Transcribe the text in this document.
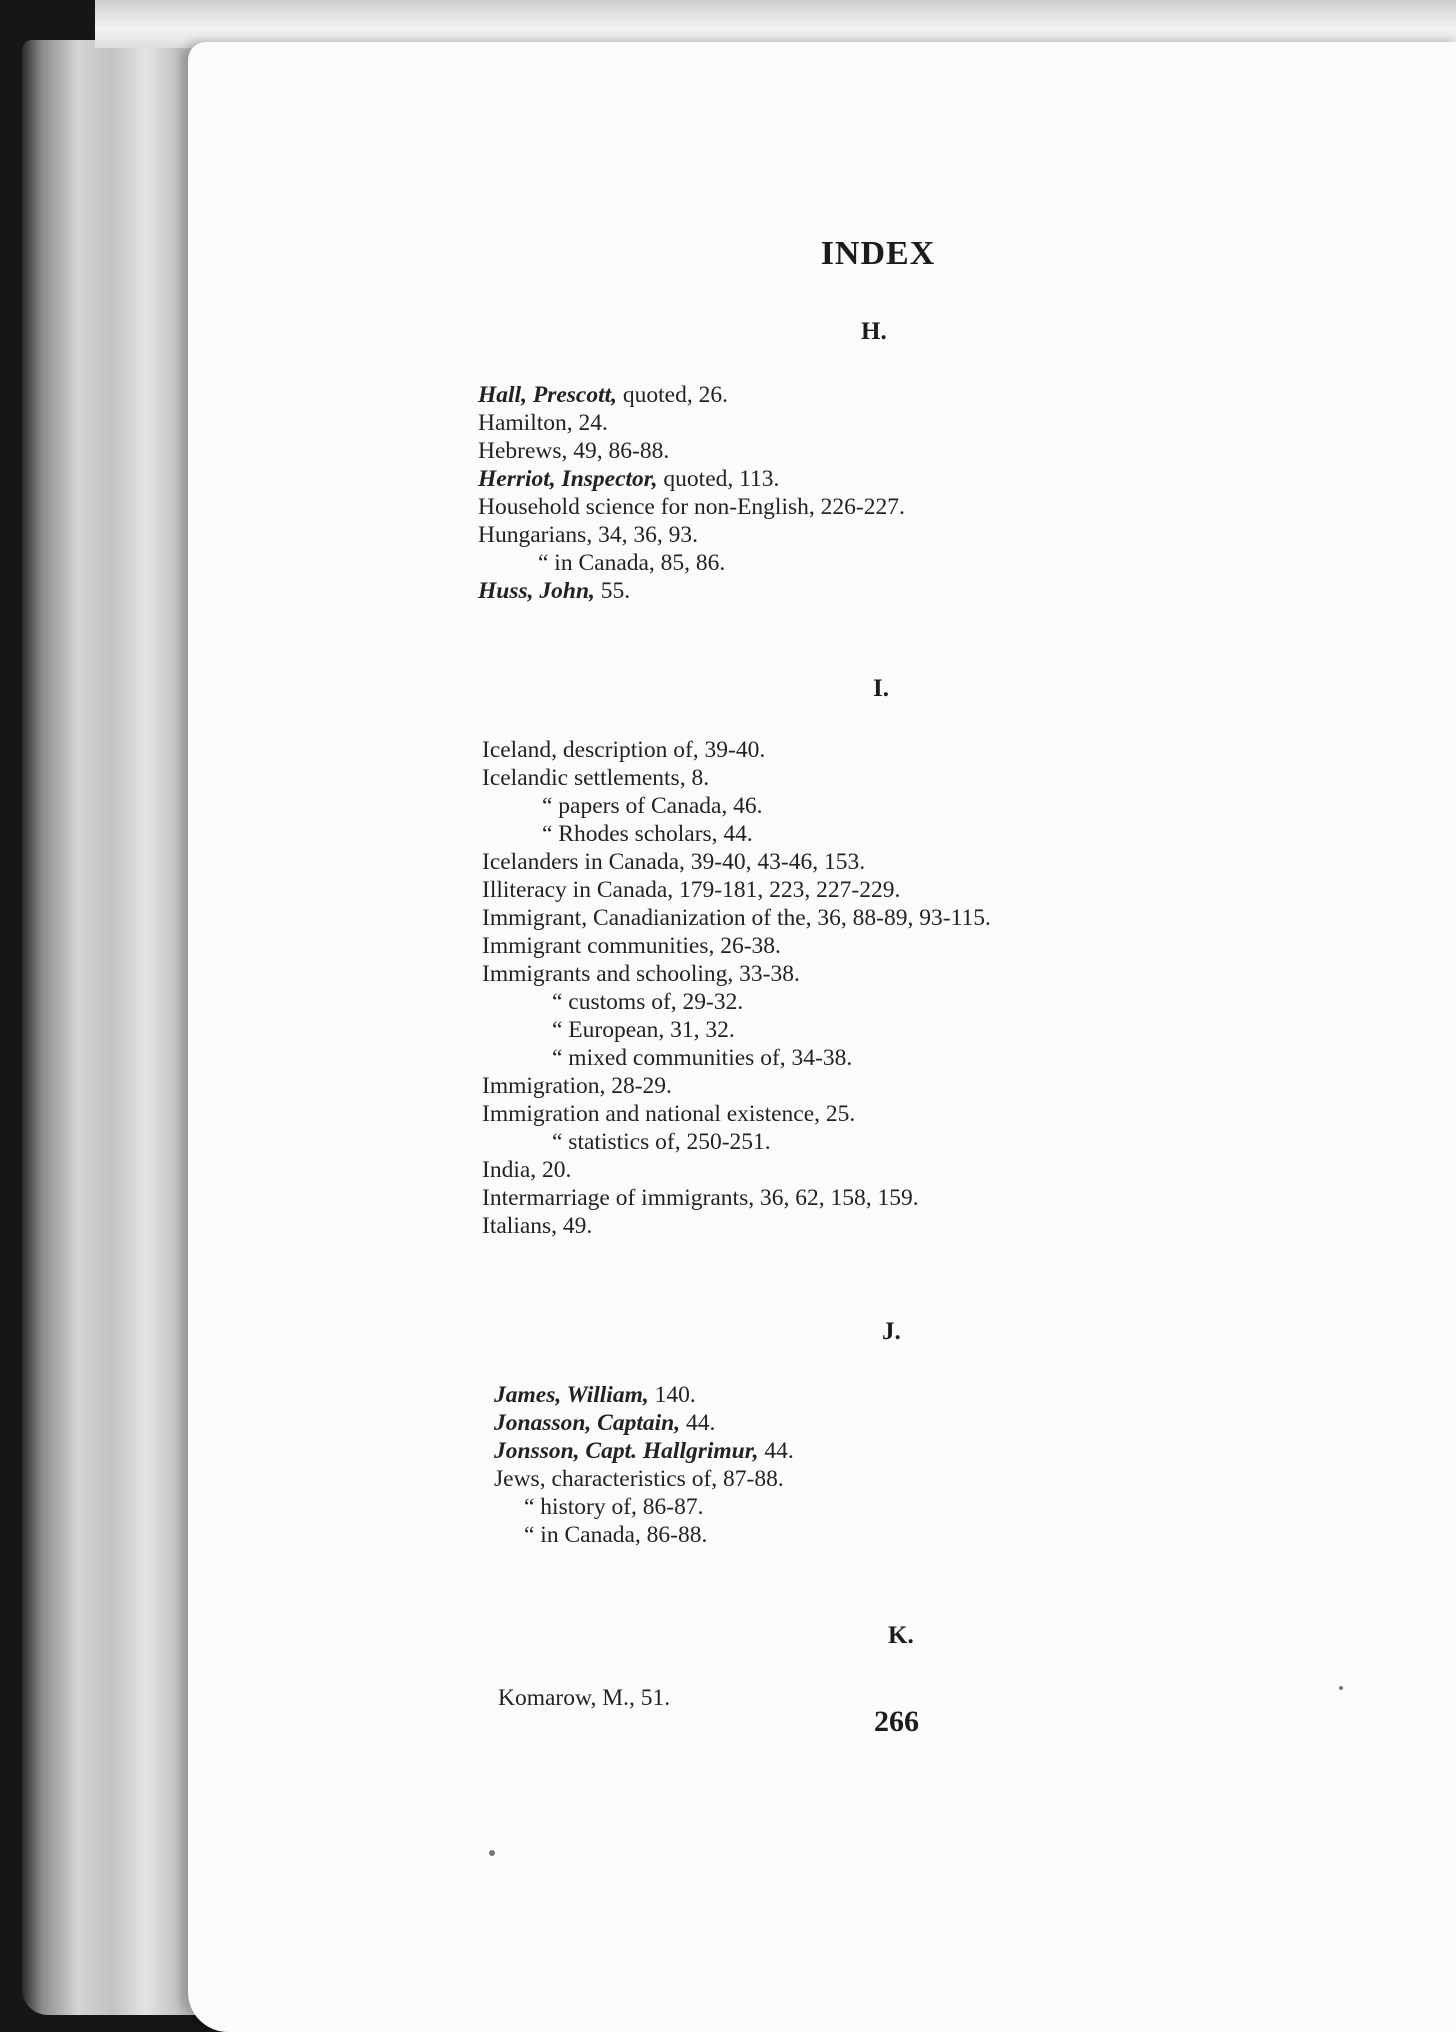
INDEX
H.
Hall, Prescott, quoted, 26.
Hamilton, 24.
Hebrews, 49, 86-88.
Herriot, Inspector, quoted, 113.
Household science for non-English, 226-227.
Hungarians, 34, 36, 93.
“ in Canada, 85, 86.
Huss, John, 55.
I.
Iceland, description of, 39-40.
Icelandic settlements, 8.
“ papers of Canada, 46.
“ Rhodes scholars, 44.
Icelanders in Canada, 39-40, 43-46, 153.
Illiteracy in Canada, 179-181, 223, 227-229.
Immigrant, Canadianization of the, 36, 88-89, 93-115.
Immigrant communities, 26-38.
Immigrants and schooling, 33-38.
“ customs of, 29-32.
“ European, 31, 32.
“ mixed communities of, 34-38.
Immigration, 28-29.
Immigration and national existence, 25.
“ statistics of, 250-251.
India, 20.
Intermarriage of immigrants, 36, 62, 158, 159.
Italians, 49.
J.
James, William, 140.
Jonasson, Captain, 44.
Jonsson, Capt. Hallgrimur, 44.
Jews, characteristics of, 87-88.
“ history of, 86-87.
“ in Canada, 86-88.
K.
Komarow, M., 51.
266
